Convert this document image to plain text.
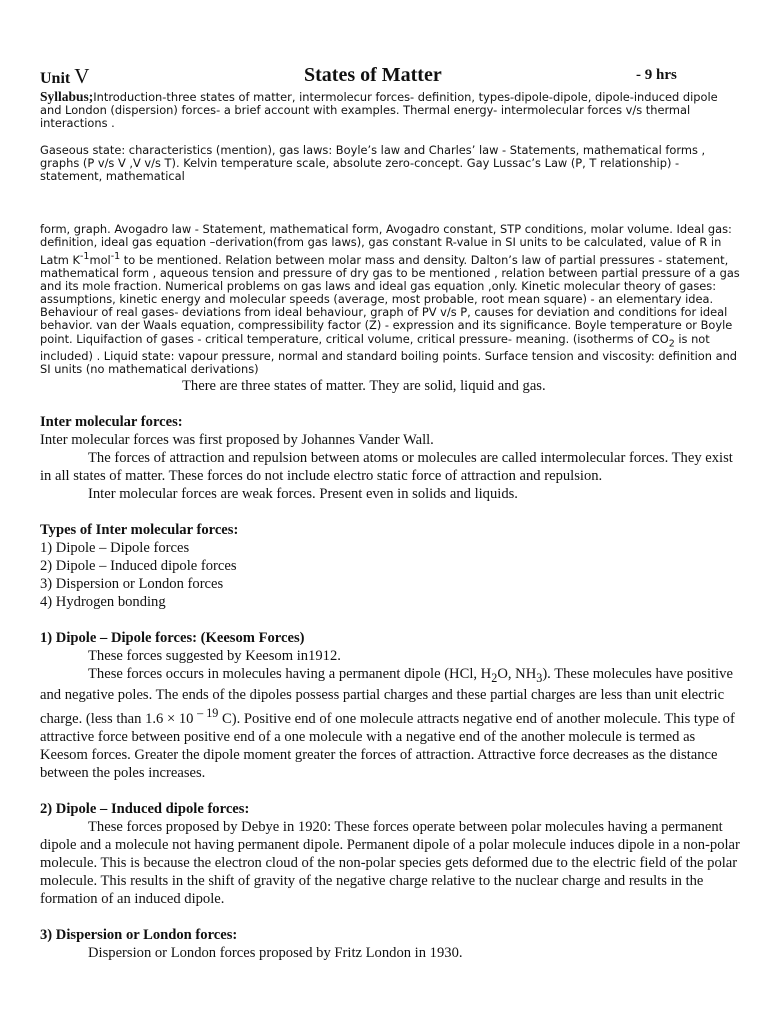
Unit V	States of Matter	- 9 hrs

Syllabus;Introduction-three states of matter, intermolecur forces- definition, types-dipole-dipole, dipole-induced dipole and London (dispersion) forces- a brief account with examples. Thermal energy- intermolecular forces v/s thermal interactions .

Gaseous state: characteristics (mention), gas laws: Boyle’s law and Charles’ law - Statements, mathematical forms , graphs (P v/s V ,V v/s T). Kelvin temperature scale, absolute zero-concept. Gay Lussac’s Law (P, T relationship) - statement, mathematical

form, graph. Avogadro law - Statement, mathematical form, Avogadro constant, STP conditions, molar volume. Ideal gas: definition, ideal gas equation –derivation(from gas laws), gas constant R-value in SI units to be calculated, value of R in Latm $K^{-1}mol^{-1}$ to be mentioned. Relation between molar mass and density. Dalton’s law of partial pressures - statement, mathematical form , aqueous tension and pressure of dry gas to be mentioned , relation between partial pressure of a gas and its mole fraction. Numerical problems on gas laws and ideal gas equation ,only. Kinetic molecular theory of gases: assumptions, kinetic energy and molecular speeds (average, most probable, root mean square) - an elementary idea. Behaviour of real gases- deviations from ideal behaviour, graph of PV v/s P, causes for deviation and conditions for ideal behavior. van der Waals equation, compressibility factor (Z) - expression and its significance. Boyle temperature or Boyle point. Liquifaction of gases - critical temperature, critical volume, critical pressure- meaning. (isotherms of $CO_2$ is not included) . Liquid state: vapour pressure, normal and standard boiling points. Surface tension and viscosity: definition and SI units (no mathematical derivations)

There are three states of matter. They are solid, liquid and gas.

Inter molecular forces:

Inter molecular forces was first proposed by Johannes Vander Wall.

The forces of attraction and repulsion between atoms or molecules are called intermolecular forces. They exist in all states of matter. These forces do not include electro static force of attraction and repulsion.

Inter molecular forces are weak forces. Present even in solids and liquids.

Types of Inter molecular forces:
1) Dipole – Dipole forces
2) Dipole – Induced dipole forces
3) Dispersion or London forces
4) Hydrogen bonding
1) Dipole – Dipole forces: (Keesom Forces)

These forces suggested by Keesom in1912.

These forces occurs in molecules having a permanent dipole (HCl, $H_2O$, $NH_3$). These molecules have positive and negative poles. The ends of the dipoles possess partial charges and these partial charges are less than unit electric charge. (less than 1.6 × 10 $^{- 19}$ C). Positive end of one molecule attracts negative end of another molecule. This type of attractive force between positive end of a one molecule with a negative end of the another molecule is termed as Keesom forces. Greater the dipole moment greater the forces of attraction. Attractive force decreases as the distance between the poles increases.

2) Dipole – Induced dipole forces:

These forces proposed by Debye in 1920: These forces operate between polar molecules having a permanent dipole and a molecule not having permanent dipole. Permanent dipole of a polar molecule induces dipole in a non-polar molecule. This is because the electron cloud of the non-polar species gets deformed due to the electric field of the polar molecule. This results in the shift of gravity of the negative charge relative to the nuclear charge and results in the formation of an induced dipole.

3) Dispersion or London forces:

Dispersion or London forces proposed by Fritz London in 1930.
